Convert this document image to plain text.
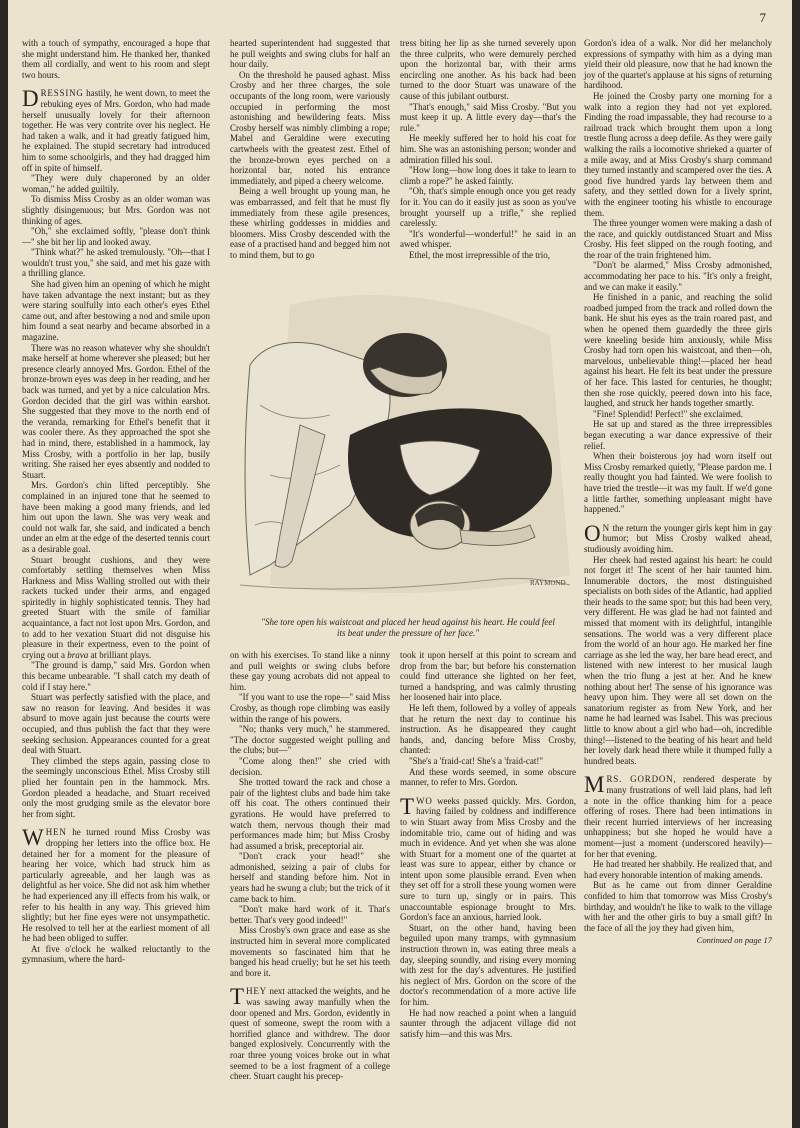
7

with a touch of sympathy, encouraged a hope that she might understand him. He thanked her, thanked them all cordially, and went to his room and slept two hours.

DRESSING hastily, he went down, to meet the rebuking eyes of Mrs. Gordon, who had made herself unusually lovely for their afternoon together. He was very contrite over his neglect. He had taken a walk, and it had greatly fatigued him, he explained. The stupid secretary had introduced him to some schoolgirls, and they had dragged him off in spite of himself.

"They were duly chaperoned by an older woman," he added guiltily.

To dismiss Miss Crosby as an older woman was slightly disingenuous; but Mrs. Gordon was not thinking of ages.

"Oh," she exclaimed softly, "please don't think—" she bit her lip and looked away.

"Think what?" he asked tremulously. "Oh—that I wouldn't trust you," she said, and met his gaze with a thrilling glance.

She had given him an opening of which he might have taken advantage the next instant; but as they were staring soulfully into each other's eyes Ethel came out, and after bestowing a nod and smile upon him found a seat nearby and became absorbed in a magazine.

There was no reason whatever why she shouldn't make herself at home wherever she pleased; but her presence clearly annoyed Mrs. Gordon. Ethel of the bronze-brown eyes was deep in her reading, and her back was turned, and yet by a nice calculation Mrs. Gordon decided that the girl was within earshot. She suggested that they move to the north end of the veranda, remarking for Ethel's benefit that it was cooler there. As they approached the spot she had in mind, there, established in a hammock, lay Miss Crosby, with a portfolio in her lap, busily writing. She raised her eyes absently and nodded to Stuart.

Mrs. Gordon's chin lifted perceptibly. She complained in an injured tone that he seemed to have been making a good many friends, and led him out upon the lawn. She was very weak and could not walk far, she said, and indicated a bench under an elm at the edge of the deserted tennis court as a desirable goal.

Stuart brought cushions, and they were comfortably settling themselves when Miss Harkness and Miss Walling strolled out with their rackets tucked under their arms, and engaged spiritedly in highly sophisticated tennis. They had greeted Stuart with the smile of familiar acquaintance, a fact not lost upon Mrs. Gordon, and to add to her vexation Stuart did not disguise his pleasure in their expertness, even to the point of crying out a brava at brilliant plays.

"The ground is damp," said Mrs. Gordon when this became unbearable. "I shall catch my death of cold if I stay here."

Stuart was perfectly satisfied with the place, and saw no reason for leaving. And besides it was absurd to move again just because the courts were occupied, and thus publish the fact that they were seeking seclusion. Appearances counted for a great deal with Stuart.

They climbed the steps again, passing close to the seemingly unconscious Ethel. Miss Crosby still plied her fountain pen in the hammock. Mrs. Gordon pleaded a headache, and Stuart received only the most grudging smile as the elevator bore her from sight.

WHEN he turned round Miss Crosby was dropping her letters into the office box. He detained her for a moment for the pleasure of hearing her voice, which had struck him as particularly agreeable, and her laugh was as delightful as her voice. She did not ask him whether he had experienced any ill effects from his walk, or refer to his health in any way. This grieved him slightly; but her fine eyes were not unsympathetic. He resolved to tell her at the earliest moment of all he had been obliged to suffer.

At five o'clock he walked reluctantly to the gymnasium, where the hard-

hearted superintendent had suggested that he pull weights and swing clubs for half an hour daily.

On the threshold he paused aghast. Miss Crosby and her three charges, the sole occupants of the long room, were variously occupied in performing the most astonishing and bewildering feats. Miss Crosby herself was nimbly climbing a rope; Mabel and Geraldine were executing cartwheels with the greatest zest. Ethel of the bronze-brown eyes perched on a horizontal bar, noted his entrance immediately, and piped a cheery welcome.

Being a well brought up young man, he was embarrassed, and felt that he must fly immediately from these agile presences, these whirling goddesses in middies and bloomers. Miss Crosby descended with the ease of a practised hand and begged him not to mind them, but to go

tress biting her lip as she turned severely upon the three culprits, who were demurely perched upon the horizontal bar, with their arms encircling one another. As his back had been turned to the door Stuart was unaware of the cause of this jubilant outburst.

"That's enough," said Miss Crosby. "But you must keep it up. A little every day—that's the rule."

He meekly suffered her to hold his coat for him. She was an astonishing person; wonder and admiration filled his soul.

"How long—how long does it take to learn to climb a rope?" he asked faintly.

"Oh, that's simple enough once you get ready for it. You can do it easily just as soon as you've brought yourself up a trifle," she replied carelessly.

"It's wonderful—wonderful!" he said in an awed whisper.

Ethel, the most irrepressible of the trio,

RAYMOND
"She tore open his waistcoat and placed her head against his heart. He could feel its beat under the pressure of her face."

on with his exercises. To stand like a ninny and pull weights or swing clubs before these gay young acrobats did not appeal to him.

"If you want to use the rope—" said Miss Crosby, as though rope climbing was easily within the range of his powers.

"No; thanks very much," he stammered. "The doctor suggested weight pulling and the clubs; but—"

"Come along then!" she cried with decision.

She trotted toward the rack and chose a pair of the lightest clubs and bade him take off his coat. The others continued their gyrations. He would have preferred to watch them, nervous though their mad performances made him; but Miss Crosby had assumed a brisk, preceptorial air.

"Don't crack your head!" she admonished, seizing a pair of clubs for herself and standing before him. Not in years had he swung a club; but the trick of it came back to him.

"Don't make hard work of it. That's better. That's very good indeed!"

Miss Crosby's own grace and ease as she instructed him in several more complicated movements so fascinated him that he banged his head cruelly; but he set his teeth and bore it.

THEY next attacked the weights, and he was sawing away manfully when the door opened and Mrs. Gordon, evidently in quest of someone, swept the room with a horrified glance and withdrew. The door banged explosively. Concurrently with the roar three young voices broke out in what seemed to be a lost fragment of a college cheer. Stuart caught his precep-

took it upon herself at this point to scream and drop from the bar; but before his consternation could find utterance she lighted on her feet, turned a handspring, and was calmly thrusting her loosened hair into place.

He left them, followed by a volley of appeals that he return the next day to continue his instruction. As he disappeared they caught hands, and, dancing before Miss Crosby, chanted:

"She's a 'fraid-cat! She's a 'fraid-cat!"

And these words seemed, in some obscure manner, to refer to Mrs. Gordon.

TWO weeks passed quickly. Mrs. Gordon, having failed by coldness and indifference to win Stuart away from Miss Crosby and the indomitable trio, came out of hiding and was much in evidence. And yet when she was alone with Stuart for a moment one of the quartet at least was sure to appear, either by chance or intent upon some plausible errand. Even when they set off for a stroll these young women were sure to turn up, singly or in pairs. This unaccountable espionage brought to Mrs. Gordon's face an anxious, harried look.

Stuart, on the other hand, having been beguiled upon many tramps, with gymnasium instruction thrown in, was eating three meals a day, sleeping soundly, and rising every morning with zest for the day's adventures. He justified his neglect of Mrs. Gordon on the score of the doctor's recommendation of a more active life for him.

He had now reached a point when a languid saunter through the adjacent village did not satisfy him—and this was Mrs.

Gordon's idea of a walk. Nor did her melancholy expressions of sympathy with him as a dying man yield their old pleasure, now that he had known the joy of the quartet's applause at his signs of returning hardihood.

He joined the Crosby party one morning for a walk into a region they had not yet explored. Finding the road impassable, they had recourse to a railroad track which brought them upon a long trestle flung across a deep defile. As they were gaily walking the rails a locomotive shrieked a quarter of a mile away, and at Miss Crosby's sharp command they turned instantly and scampered over the ties. A good five hundred yards lay between them and safety, and they settled down for a lively sprint, with the engineer tooting his whistle to encourage them.

The three younger women were making a dash of the race, and quickly outdistanced Stuart and Miss Crosby. His feet slipped on the rough footing, and the roar of the train frightened him.

"Don't be alarmed," Miss Crosby admonished, accommodating her pace to his. "It's only a freight, and we can make it easily."

He finished in a panic, and reaching the solid roadbed jumped from the track and rolled down the bank. He shut his eyes as the train roared past, and when he opened them guardedly the three girls were kneeling beside him anxiously, while Miss Crosby had torn open his waistcoat, and then—oh, marvelous, unbelievable thing!—placed her head against his heart. He felt its beat under the pressure of her face. This lasted for centuries, he thought; then she rose quickly, peered down into his face, laughed, and struck her hands together smartly.

"Fine! Splendid! Perfect!" she exclaimed.

He sat up and stared as the three irrepressibles began executing a war dance expressive of their relief.

When their boisterous joy had worn itself out Miss Crosby remarked quietly, "Please pardon me. I really thought you had fainted. We were foolish to have tried the trestle—it was my fault. If we'd gone a little farther, something unpleasant might have happened."

O N the return the younger girls kept him in gay humor; but Miss Crosby walked ahead, studiously avoiding him.

Her cheek had rested against his heart: he could not forget it! The scent of her hair taunted him. Innumerable doctors, the most distinguished specialists on both sides of the Atlantic, had applied their heads to the same spot; but this had been very, very different. He was glad he had not fainted and missed that moment with its delightful, intangible sensations. The world was a very different place from the world of an hour ago. He marked her fine carriage as she led the way, her bare head erect, and listened with new interest to her musical laugh when the trio flung a jest at her. And he knew nothing about her! The sense of his ignorance was heavy upon him. They were all set down on the sanatorium register as from New York, and her name he had learned was Isabel. This was precious little to know about a girl who had—oh, incredible thing!—listened to the beating of his heart and held her lovely dark head there while it thumped fully a hundred beats.

MRS. GORDON, rendered desperate by many frustrations of well laid plans, had left a note in the office thanking him for a peace offering of roses. There had been intimations in their recent hurried interviews of her increasing unhappiness; but she hoped he would have a moment—just a moment (underscored heavily)—for her that evening.

He had treated her shabbily. He realized that, and had every honorable intention of making amends.

But as he came out from dinner Geraldine confided to him that tomorrow was Miss Crosby's birthday, and wouldn't he like to walk to the village with her and the other girls to buy a small gift? In the face of all the joy they had given him,

Continued on page 17
